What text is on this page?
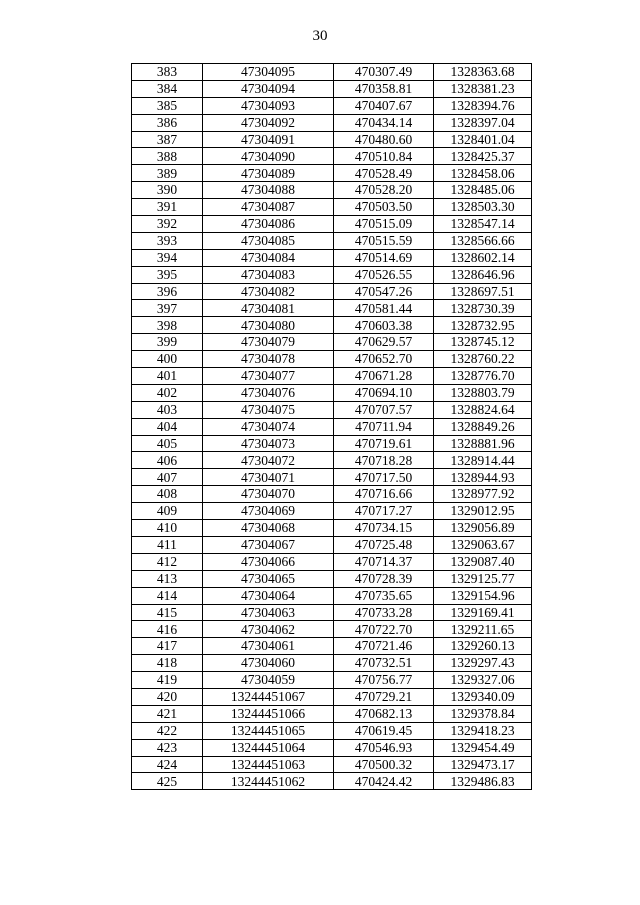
30
383	47304095	470307.49	1328363.68
384	47304094	470358.81	1328381.23
385	47304093	470407.67	1328394.76
386	47304092	470434.14	1328397.04
387	47304091	470480.60	1328401.04
388	47304090	470510.84	1328425.37
389	47304089	470528.49	1328458.06
390	47304088	470528.20	1328485.06
391	47304087	470503.50	1328503.30
392	47304086	470515.09	1328547.14
393	47304085	470515.59	1328566.66
394	47304084	470514.69	1328602.14
395	47304083	470526.55	1328646.96
396	47304082	470547.26	1328697.51
397	47304081	470581.44	1328730.39
398	47304080	470603.38	1328732.95
399	47304079	470629.57	1328745.12
400	47304078	470652.70	1328760.22
401	47304077	470671.28	1328776.70
402	47304076	470694.10	1328803.79
403	47304075	470707.57	1328824.64
404	47304074	470711.94	1328849.26
405	47304073	470719.61	1328881.96
406	47304072	470718.28	1328914.44
407	47304071	470717.50	1328944.93
408	47304070	470716.66	1328977.92
409	47304069	470717.27	1329012.95
410	47304068	470734.15	1329056.89
411	47304067	470725.48	1329063.67
412	47304066	470714.37	1329087.40
413	47304065	470728.39	1329125.77
414	47304064	470735.65	1329154.96
415	47304063	470733.28	1329169.41
416	47304062	470722.70	1329211.65
417	47304061	470721.46	1329260.13
418	47304060	470732.51	1329297.43
419	47304059	470756.77	1329327.06
420	13244451067	470729.21	1329340.09
421	13244451066	470682.13	1329378.84
422	13244451065	470619.45	1329418.23
423	13244451064	470546.93	1329454.49
424	13244451063	470500.32	1329473.17
425	13244451062	470424.42	1329486.83
